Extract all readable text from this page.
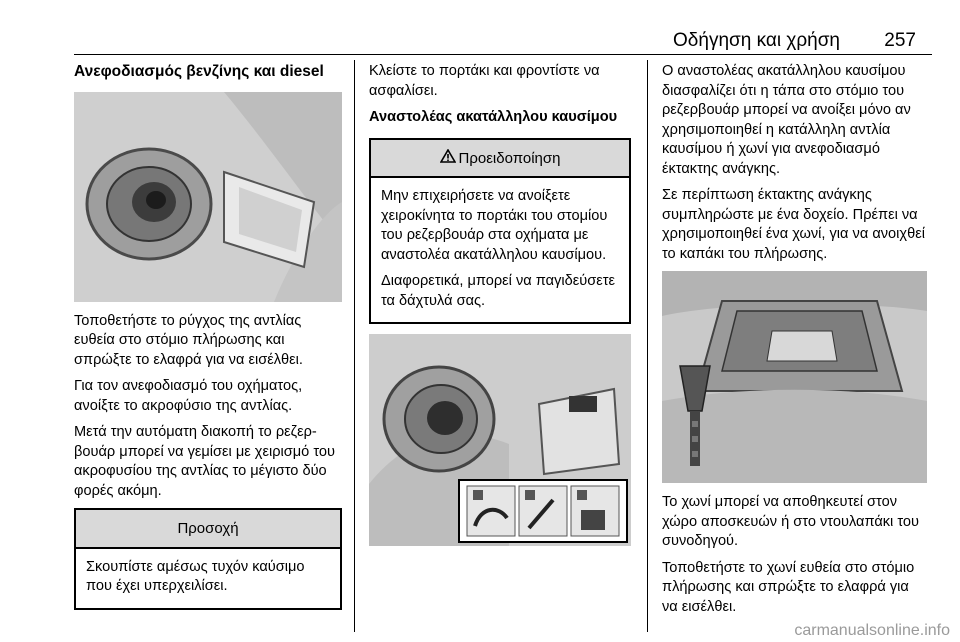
Οδήγηση και χρήση 257
Ανεφοδιασμός βενζίνης και diesel

Τοποθετήστε το ρύγχος της αντλίας ευθεία στο στόμιο πλήρωσης και σπρώξτε το ελαφρά για να εισέλθει.

Για τον ανεφοδιασμό του οχήματος, ανοίξτε το ακροφύσιο της αντλίας.

Μετά την αυτόματη διακοπή το ρεζερβουάρ μπορεί να γεμίσει με χειρισμό του ακροφυσίου της αντλίας το μέγιστο δύο φορές ακόμη.

Προσοχή

Σκουπίστε αμέσως τυχόν καύσιμο που έχει υπερχειλίσει.

Κλείστε το πορτάκι και φροντίστε να ασφαλίσει.

Αναστολέας ακατάλληλου καυσίμου
Προειδοποίηση

Μην επιχειρήσετε να ανοίξετε χειροκίνητα το πορτάκι του στομίου του ρεζερβουάρ στα οχήματα με αναστολέα ακατάλληλου καυσίμου.

Διαφορετικά, μπορεί να παγιδεύσετε τα δάχτυλά σας.

Ο αναστολέας ακατάλληλου καυσίμου διασφαλίζει ότι η τάπα στο στόμιο του ρεζερβουάρ μπορεί να ανοίξει μόνο αν χρησιμοποιηθεί η κατάλληλη αντλία καυσίμου ή χωνί για ανεφοδιασμό έκτακτης ανάγκης.

Σε περίπτωση έκτακτης ανάγκης συμπληρώστε με ένα δοχείο. Πρέπει να χρησιμοποιηθεί ένα χωνί, για να ανοιχθεί το καπάκι του πλήρωσης.

Το χωνί μπορεί να αποθηκευτεί στον χώρο αποσκευών ή στο ντουλαπάκι του συνοδηγού.

Τοποθετήστε το χωνί ευθεία στο στόμιο πλήρωσης και σπρώξτε το ελαφρά για να εισέλθει.

carmanualsonline.info
